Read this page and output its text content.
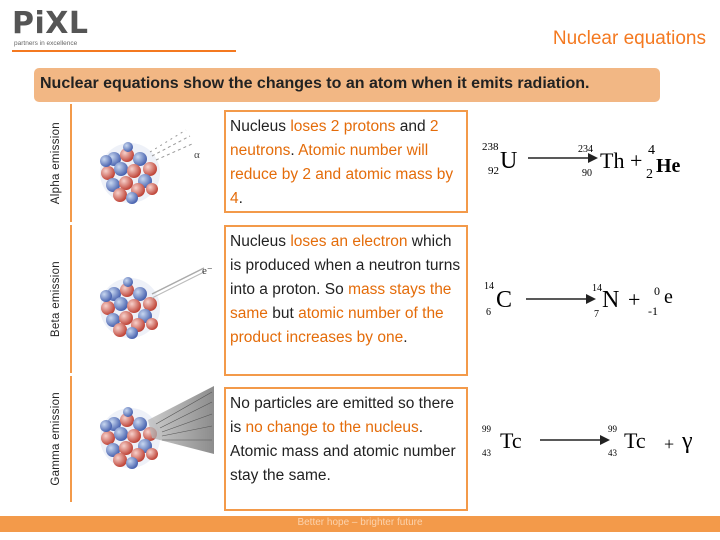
PiXL
partners in excellence	Nuclear equations
Nuclear equations show the changes to an atom when it emits radiation.
Alpha emission
Beta emission
Gamma emission
α
e⁻
Nucleus loses 2 protons and 2 neutrons. Atomic number will reduce by 2 and atomic mass by 4.
Nucleus loses an electron which is produced when a neutron turns into a proton. So mass stays the same but atomic number of the product increases by one.
No particles are emitted so there is no change to the nucleus. Atomic mass and atomic number stay the same.
238
92 U	234
90
Th + 4
2 He
14
6 C	14
7
N + 0
-1
e
99
43 Tc	99
43 Tc + γ
Better hope – brighter future
